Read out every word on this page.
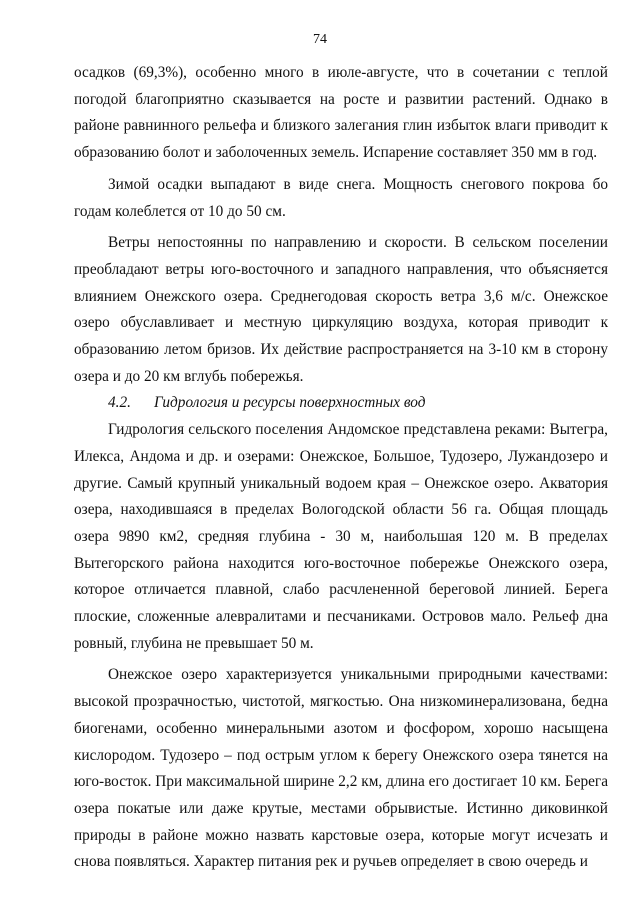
74

осадков (69,3%), особенно много в июле-августе, что в сочетании с теплой погодой благоприятно сказывается на росте и развитии растений. Однако в районе равнинного рельефа и близкого залегания глин избыток влаги приводит к образованию болот и заболоченных земель. Испарение составляет 350 мм в год.

Зимой осадки выпадают в виде снега. Мощность снегового покрова бо годам колеблется от 10 до 50 см.

Ветры непостоянны по направлению и скорости. В сельском поселении преобладают ветры юго-восточного и западного направления, что объясняется влиянием Онежского озера. Среднегодовая скорость ветра 3,6 м/с. Онежское озеро обуславливает и местную циркуляцию воздуха, которая приводит к образованию летом бризов. Их действие распространяется на 3-10 км в сторону озера и до 20 км вглубь побережья.

4.2. Гидрология и ресурсы поверхностных вод

Гидрология сельского поселения Андомское представлена реками: Вытегра, Илекса, Андома и др. и озерами: Онежское, Большое, Тудозеро, Лужандозеро и другие. Самый крупный уникальный водоем края – Онежское озеро. Акватория озера, находившаяся в пределах Вологодской области 56 га. Общая площадь озера 9890 км2, средняя глубина - 30 м, наибольшая 120 м. В пределах Вытегорского района находится юго-восточное побережье Онежского озера, которое отличается плавной, слабо расчлененной береговой линией. Берега плоские, сложенные алевралитами и песчаниками. Островов мало. Рельеф дна ровный, глубина не превышает 50 м.

Онежское озеро характеризуется уникальными природными качествами: высокой прозрачностью, чистотой, мягкостью. Она низкоминерализована, бедна биогенами, особенно минеральными азотом и фосфором, хорошо насыщена кислородом. Тудозеро – под острым углом к берегу Онежского озера тянется на юго-восток. При максимальной ширине 2,2 км, длина его достигает 10 км. Берега озера покатые или даже крутые, местами обрывистые. Истинно диковинкой природы в районе можно назвать карстовые озера, которые могут исчезать и снова появляться. Характер питания рек и ручьев определяет в свою очередь и
